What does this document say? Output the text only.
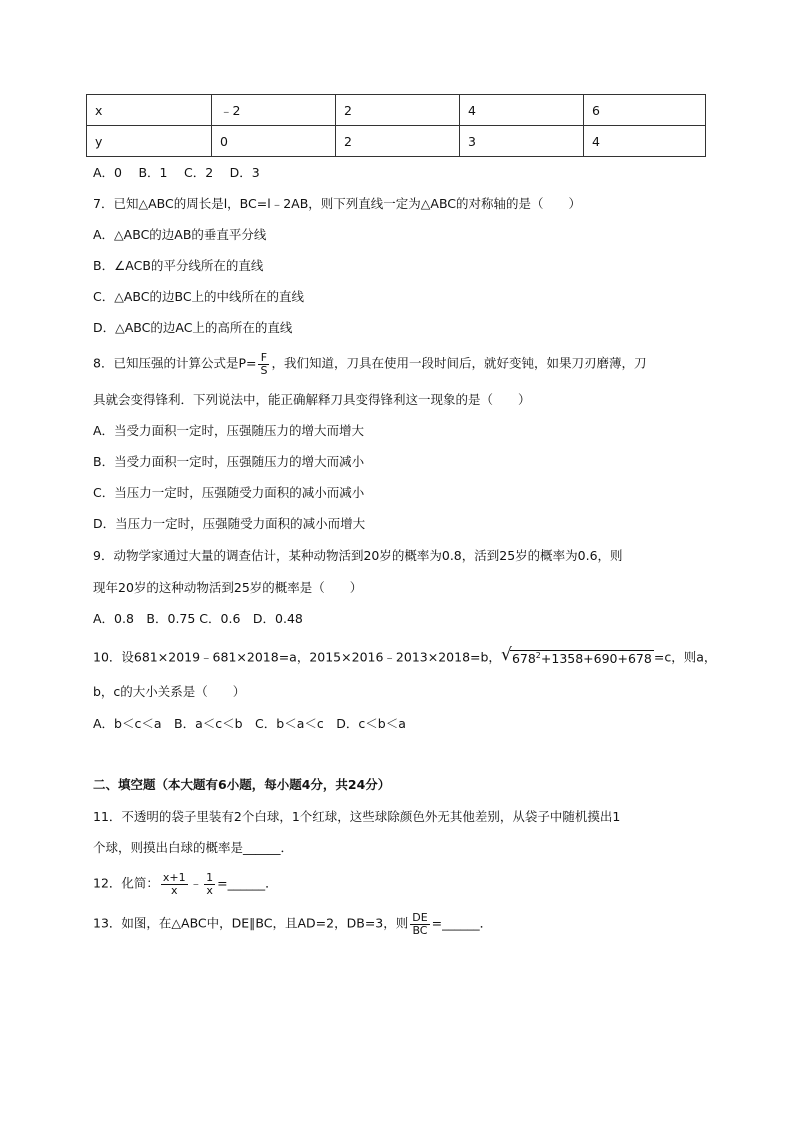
x	﹣2	2	4	6
y	0	2	3	4
A．0　 B．1　 C．2　 D．3
7．已知△ABC的周长是l，BC=l﹣2AB，则下列直线一定为△ABC的对称轴的是（　　）
A．△ABC的边AB的垂直平分线
B．∠ACB的平分线所在的直线
C．△ABC的边BC上的中线所在的直线
D．△ABC的边AC上的高所在的直线
8．已知压强的计算公式是$P= \frac{F}{S}$ ，我们知道，刀具在使用一段时间后，就好变钝，如果刀刃磨薄，刀
具就会变得锋利．下列说法中，能正确解释刀具变得锋利这一现象的是（　　）
A．当受力面积一定时，压强随压力的增大而增大
B．当受力面积一定时，压强随压力的增大而减小
C．当压力一定时，压强随受力面积的减小而减小
D．当压力一定时，压强随受力面积的减小而增大
9．动物学家通过大量的调查估计，某种动物活到20岁的概率为0.8，活到25岁的概率为0.6，则
现年20岁的这种动物活到25岁的概率是（　　）
A．0.8　B．0.75 C．0.6　D．0.48
10．设681×2019﹣681×2018=a，2015×2016﹣2013×2018=b， √ $678^2+1358+690+678 =c$，则a，
b，c的大小关系是（　　）
A．b＜c＜a　B．a＜c＜b　C．b＜a＜c　D．c＜b＜a
二、填空题（本大题有6小题，每小题4分，共24分）
11．不透明的袋子里装有2个白球，1个红球，这些球除颜色外无其他差别，从袋子中随机摸出1
个球，则摸出白球的概率是______．
12．化简： $\frac{x+1}{x}$ ﹣ $\frac{1}{x}$ =______．
13．如图，在△ABC中，DE∥BC，且AD=2，DB=3，则 $\frac{DE}{BC}$ =______．
